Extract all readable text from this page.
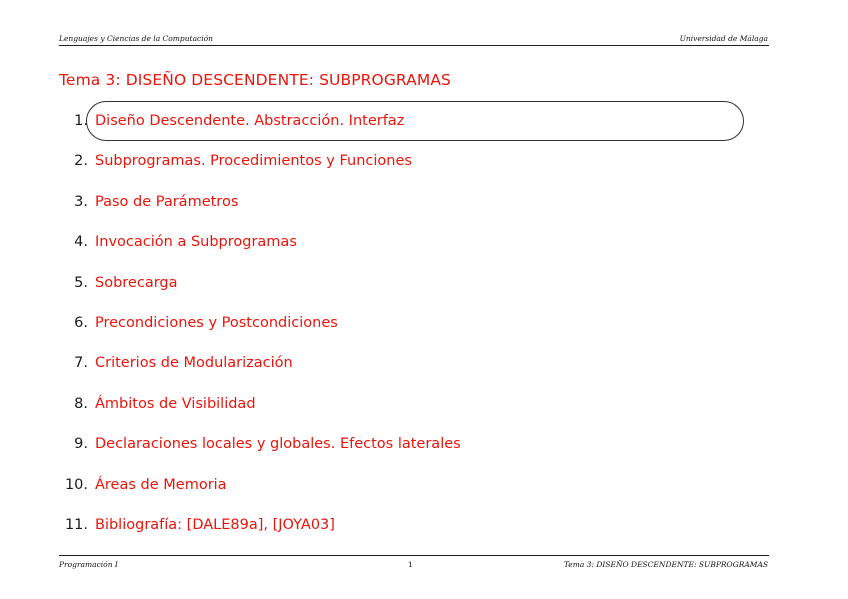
Lenguajes y Ciencias de la Computación	Universidad de Málaga
Tema 3: DISEÑO DESCENDENTE: SUBPROGRAMAS
1. Diseño Descendente. Abstracción. Interfaz
2. Subprogramas. Procedimientos y Funciones
3. Paso de Parámetros
4. Invocación a Subprogramas
5. Sobrecarga
6. Precondiciones y Postcondiciones
7. Criterios de Modularización
8. Ámbitos de Visibilidad
9. Declaraciones locales y globales. Efectos laterales
10. Áreas de Memoria
11. Bibliografía: [DALE89a], [JOYA03]
Programación I	1	Tema 3: DISEÑO DESCENDENTE: SUBPROGRAMAS
